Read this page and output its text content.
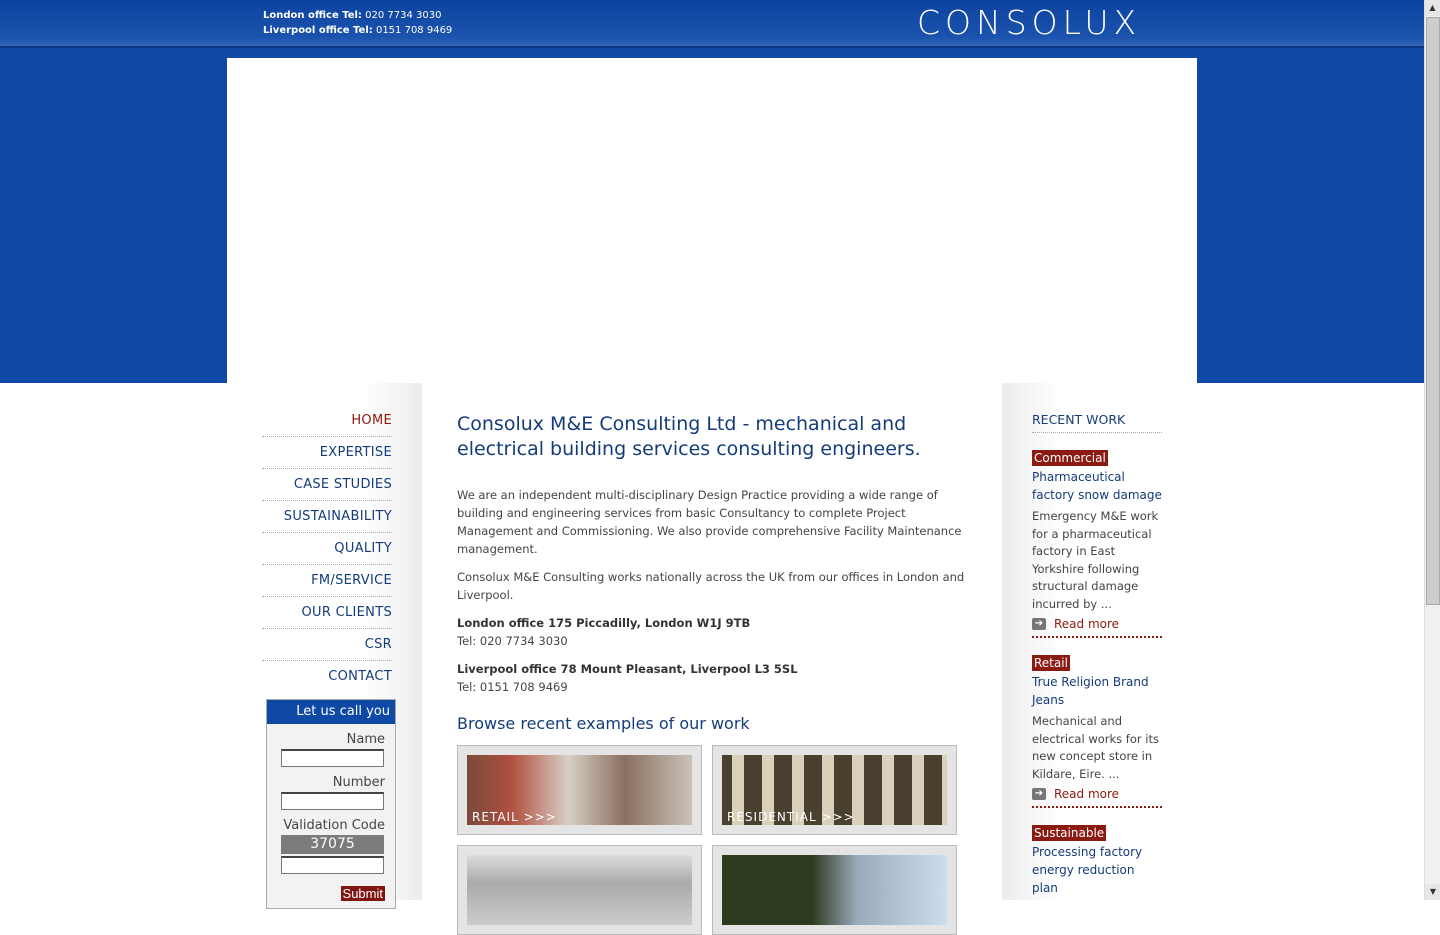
London office Tel: 020 7734 3030
Liverpool office Tel: 0151 708 9469	CONSOLUX
HOME
EXPERTISE
CASE STUDIES
SUSTAINABILITY
QUALITY
FM/SERVICE
OUR CLIENTS
CSR
CONTACT
Let us call you
Name
Number
Validation Code
37075
Submit
Consolux M&E Consulting Ltd - mechanical and electrical building services consulting engineers.

We are an independent multi-disciplinary Design Practice providing a wide range of building and engineering services from basic Consultancy to complete Project Management and Commissioning. We also provide comprehensive Facility Maintenance management.

Consolux M&E Consulting works nationally across the UK from our offices in London and Liverpool.

London office 175 Piccadilly, London W1J 9TB
Tel: 020 7734 3030

Liverpool office 78 Mount Pleasant, Liverpool L3 5SL
Tel: 0151 708 9469

Browse recent examples of our work
RETAIL >>>	RESIDENTIAL >>>
RECENT WORK
Commercial
Pharmaceutical factory snow damage
Emergency M&E work for a pharmaceutical factory in East Yorkshire following structural damage incurred by ...
➔ Read more
Retail
True Religion Brand Jeans
Mechanical and electrical works for its new concept store in Kildare, Eire. ...
➔ Read more
Sustainable
Processing factory energy reduction plan
▲
▼
